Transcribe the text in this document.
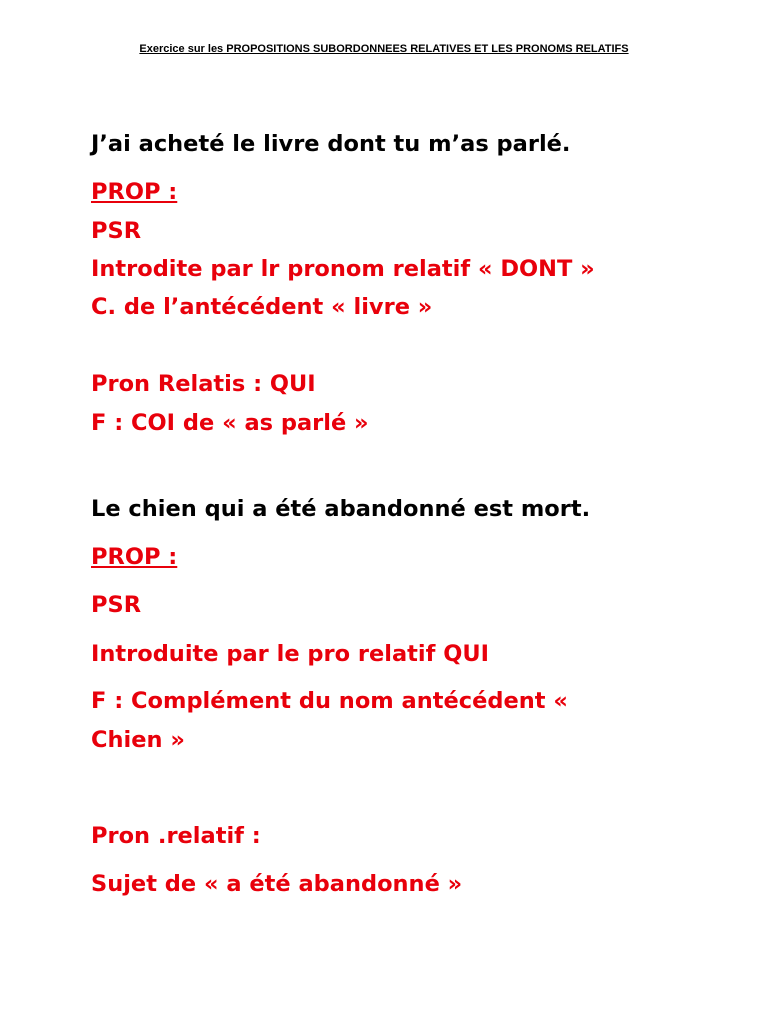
Exercice sur les PROPOSITIONS SUBORDONNEES RELATIVES ET LES PRONOMS RELATIFS
J’ai acheté le livre dont tu m’as parlé.
PROP :
PSR
Introdite par lr pronom relatif « DONT »
C. de l’antécédent « livre »
Pron Relatis : QUI
F : COI de « as parlé »
Le chien qui a été abandonné est mort.
PROP :
PSR
Introduite par le pro relatif QUI
F : Complément du nom antécédent «
Chien »
Pron .relatif :
Sujet de « a été abandonné »
